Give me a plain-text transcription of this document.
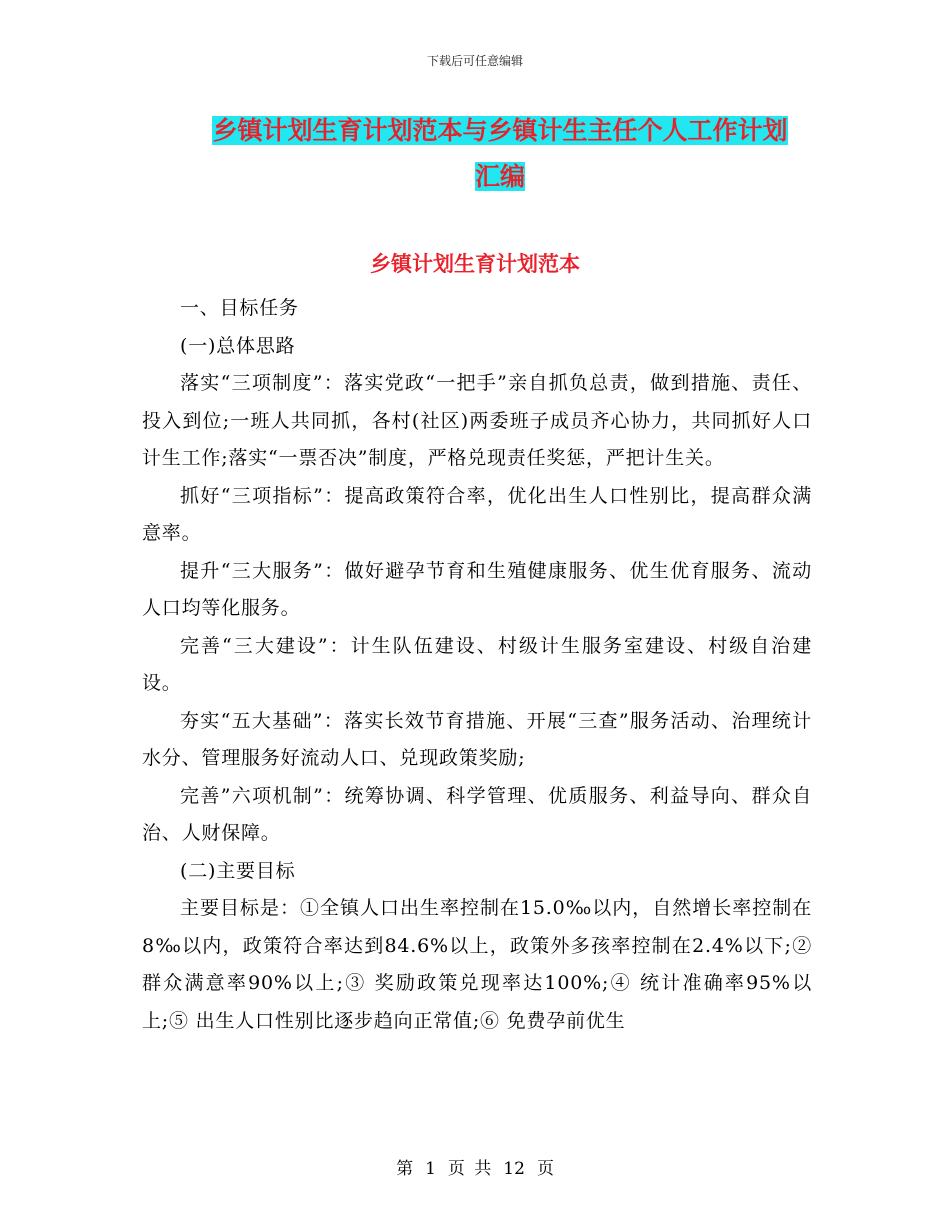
下载后可任意编辑
乡镇计划生育计划范本与乡镇计生主任个人工作计划
汇编
乡镇计划生育计划范本

一、目标任务

(一)总体思路

落实“三项制度”：落实党政“一把手”亲自抓负总责，做到措施、责任、投入到位;一班人共同抓，各村(社区)两委班子成员齐心协力，共同抓好人口计生工作;落实“一票否决”制度，严格兑现责任奖惩，严把计生关。

抓好“三项指标”：提高政策符合率，优化出生人口性别比，提高群众满意率。

提升“三大服务”：做好避孕节育和生殖健康服务、优生优育服务、流动人口均等化服务。

完善“三大建设”：计生队伍建设、村级计生服务室建设、村级自治建设。

夯实“五大基础”：落实长效节育措施、开展“三查”服务活动、治理统计水分、管理服务好流动人口、兑现政策奖励;

完善”六项机制”：统筹协调、科学管理、优质服务、利益导向、群众自治、人财保障。

(二)主要目标

主要目标是：①全镇人口出生率控制在15.0‰以内，自然增长率控制在8‰以内，政策符合率达到84.6%以上，政策外多孩率控制在2.4%以下;② 群众满意率90%以上;③ 奖励政策兑现率达100%;④ 统计准确率95%以上;⑤ 出生人口性别比逐步趋向正常值;⑥ 免费孕前优生

第 1 页 共 12 页
